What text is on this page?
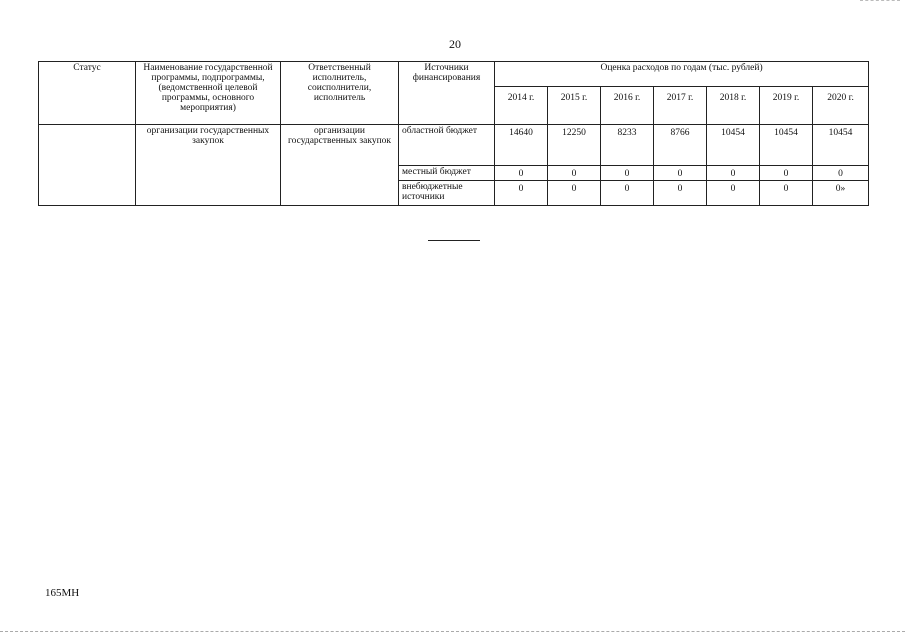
20
Статус	Наименование государственной программы, подпрограммы, (ведомственной целевой программы, основного мероприятия)	Ответственный исполнитель, соисполнители, исполнитель	Источники финансирования	Оценка расходов по годам (тыс. рублей)						
				2014 г.	2015 г.	2016 г.	2017 г.	2018 г.	2019 г.	2020 г.
	организации государственных закупок	организации государственных закупок	областной бюджет	14640	12250	8233	8766	10454	10454	10454
			местный бюджет	0	0	0	0	0	0	0
			внебюджетные источники	0	0	0	0	0	0	0»
165МН
